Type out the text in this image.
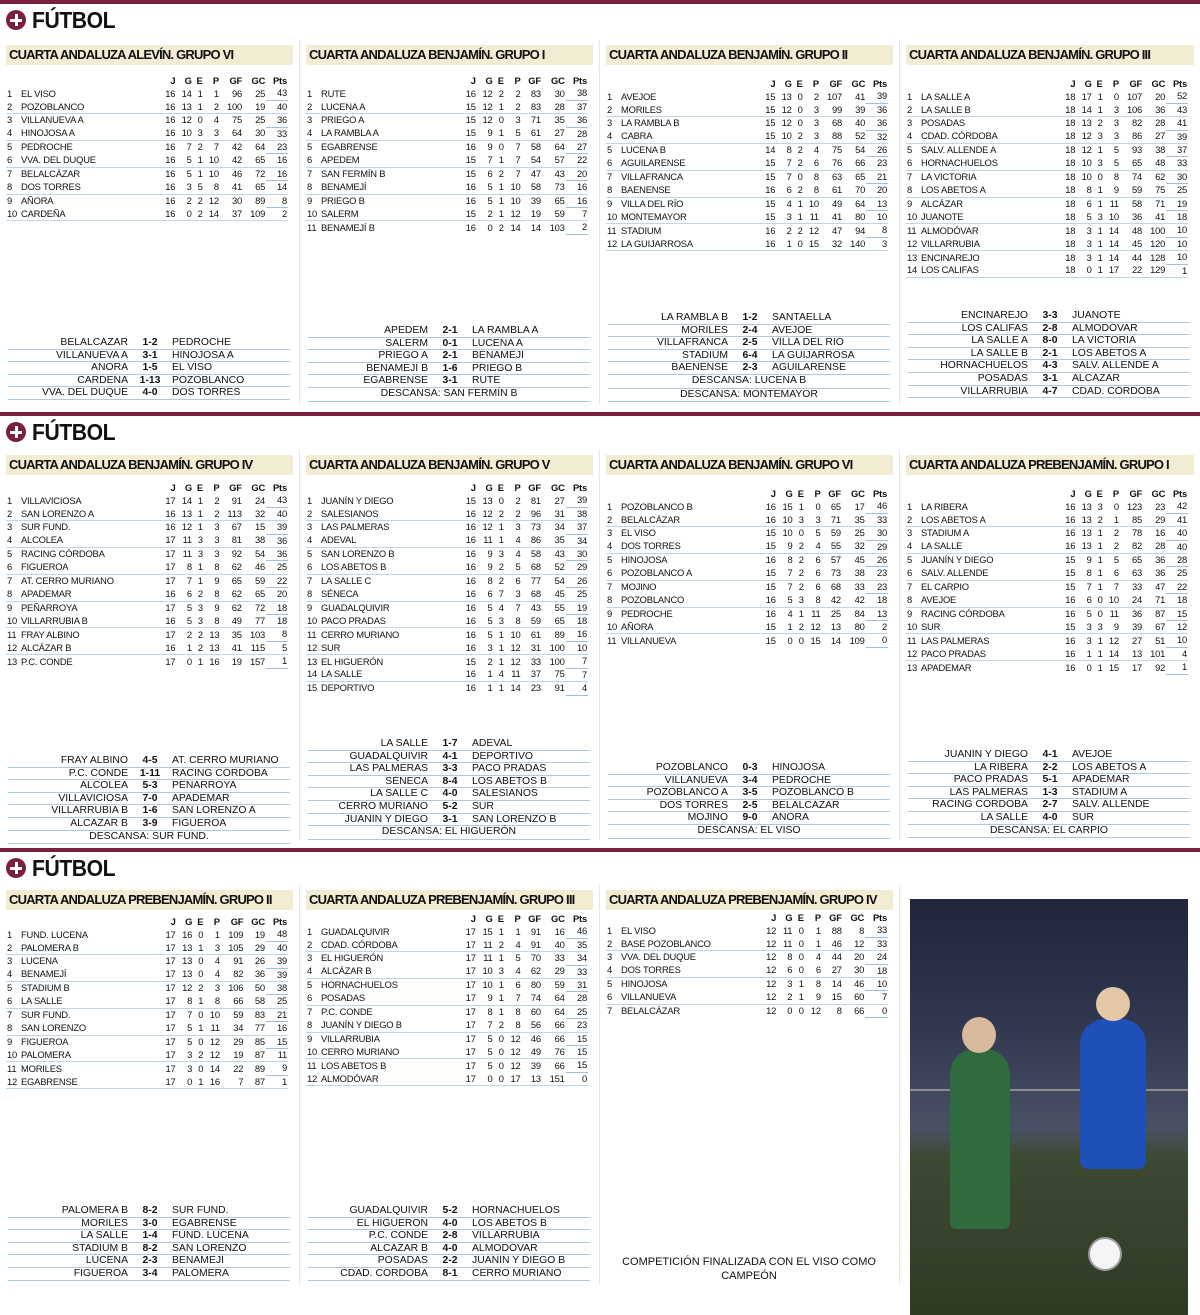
FÚTBOL
CUARTA ANDALUZA ALEVÍN. GRUPO VI
		J	G	E	P	GF	GC	Pts
1	EL VISO	16	14	1	1	96	25	43
2	POZOBLANCO	16	13	1	2	100	19	40
3	VILLANUEVA A	16	12	0	4	75	25	36
4	HINOJOSA A	16	10	3	3	64	30	33
5	PEDROCHE	16	7	2	7	42	64	23
6	VVA. DEL DUQUE	16	5	1	10	42	65	16
7	BELALCÁZAR	16	5	1	10	46	72	16
8	DOS TORRES	16	3	5	8	41	65	14
9	AÑORA	16	2	2	12	30	89	8
10	CARDEÑA	16	0	2	14	37	109	2
BELALCÁZAR	1-2	PEDROCHE
VILLANUEVA A	3-1	HINOJOSA A
AÑORA	1-5	EL VISO
CARDEÑA	1-13	POZOBLANCO
VVA. DEL DUQUE	4-0	DOS TORRES
CUARTA ANDALUZA BENJAMÍN. GRUPO I
		J	G	E	P	GF	GC	Pts
1	RUTE	16	12	2	2	83	30	38
2	LUCENA A	15	12	1	2	83	28	37
3	PRIEGO A	15	12	0	3	71	35	36
4	LA RAMBLA A	15	9	1	5	61	27	28
5	EGABRENSE	16	9	0	7	58	64	27
6	APEDEM	15	7	1	7	54	57	22
7	SAN FERMÍN B	15	6	2	7	47	43	20
8	BENAMEJÍ	16	5	1	10	58	73	16
9	PRIEGO B	16	5	1	10	39	65	16
10	SALERM	15	2	1	12	19	59	7
11	BENAMEJÍ B	16	0	2	14	14	103	2
APEDEM	2-1	LA RAMBLA A
SALERM	0-1	LUCENA A
PRIEGO A	2-1	BENAMEJÍ
BENAMEJÍ B	1-6	PRIEGO B
EGABRENSE	3-1	RUTE
DESCANSA: SAN FERMÍN B
CUARTA ANDALUZA BENJAMÍN. GRUPO II
		J	G	E	P	GF	GC	Pts
1	AVEJOE	15	13	0	2	107	41	39
2	MORILES	15	12	0	3	99	39	36
3	LA RAMBLA B	15	12	0	3	68	40	36
4	CABRA	15	10	2	3	88	52	32
5	LUCENA B	14	8	2	4	75	54	26
6	AGUILARENSE	15	7	2	6	76	66	23
7	VILLAFRANCA	15	7	0	8	63	65	21
8	BAENENSE	16	6	2	8	61	70	20
9	VILLA DEL RÍO	15	4	1	10	49	64	13
10	MONTEMAYOR	15	3	1	11	41	80	10
11	STADIUM	16	2	2	12	47	94	8
12	LA GUIJARROSA	16	1	0	15	32	140	3
LA RAMBLA B	1-2	SANTAELLA
MORILES	2-4	AVEJOE
VILLAFRANCA	2-5	VILLA DEL RÍO
STADIUM	6-4	LA GUIJARROSA
BAENENSE	2-3	AGUILARENSE
DESCANSA: LUCENA B
DESCANSA: MONTEMAYOR
CUARTA ANDALUZA BENJAMÍN. GRUPO III
		J	G	E	P	GF	GC	Pts
1	LA SALLE A	18	17	1	0	107	20	52
2	LA SALLE B	18	14	1	3	106	36	43
3	POSADAS	18	13	2	3	82	28	41
4	CDAD. CÓRDOBA	18	12	3	3	86	27	39
5	SALV. ALLENDE A	18	12	1	5	93	38	37
6	HORNACHUELOS	18	10	3	5	65	48	33
7	LA VICTORIA	18	10	0	8	74	62	30
8	LOS ABETOS A	18	8	1	9	59	75	25
9	ALCÁZAR	18	6	1	11	58	71	19
10	JUANOTE	18	5	3	10	36	41	18
11	ALMODÓVAR	18	3	1	14	48	100	10
12	VILLARRUBIA	18	3	1	14	45	120	10
13	ENCINAREJO	18	3	1	14	44	128	10
14	LOS CALIFAS	18	0	1	17	22	129	1
ENCINAREJO	3-3	JUANOTE
LOS CALIFAS	2-8	ALMODÓVAR
LA SALLE A	8-0	LA VICTORIA
LA SALLE B	2-1	LOS ABETOS A
HORNACHUELOS	4-3	SALV. ALLENDE A
POSADAS	3-1	ALCÁZAR
VILLARRUBIA	4-7	CDAD. CÓRDOBA
FÚTBOL
CUARTA ANDALUZA BENJAMÍN. GRUPO IV
		J	G	E	P	GF	GC	Pts
1	VILLAVICIOSA	17	14	1	2	91	24	43
2	SAN LORENZO A	16	13	1	2	113	32	40
3	SUR FUND.	16	12	1	3	67	15	39
4	ALCOLEA	17	11	3	3	81	38	36
5	RACING CÓRDOBA	17	11	3	3	92	54	36
6	FIGUEROA	17	8	1	8	62	46	25
7	AT. CERRO MURIANO	17	7	1	9	65	59	22
8	APADEMAR	16	6	2	8	62	65	20
9	PEÑARROYA	17	5	3	9	62	72	18
10	VILLARRUBIA B	16	5	3	8	49	77	18
11	FRAY ALBINO	17	2	2	13	35	103	8
12	ALCÁZAR B	16	1	2	13	41	115	5
13	P.C. CONDE	17	0	1	16	19	157	1
FRAY ALBINO	4-5	AT. CERRO MURIANO
P.C. CONDE	1-11	RACING CÓRDOBA
ALCOLEA	5-3	PEÑARROYA
VILLAVICIOSA	7-0	APADEMAR
VILLARRUBIA B	1-6	SAN LORENZO A
ALCÁZAR B	3-9	FIGUEROA
DESCANSA: SUR FUND.
CUARTA ANDALUZA BENJAMÍN. GRUPO V
		J	G	E	P	GF	GC	Pts
1	JUANÍN Y DIEGO	15	13	0	2	81	27	39
2	SALESIANOS	16	12	2	2	96	31	38
3	LAS PALMERAS	16	12	1	3	73	34	37
4	ADEVAL	16	11	1	4	86	35	34
5	SAN LORENZO B	16	9	3	4	58	43	30
6	LOS ABETOS B	16	9	2	5	68	52	29
7	LA SALLE C	16	8	2	6	77	54	26
8	SÉNECA	16	6	7	3	68	45	25
9	GUADALQUIVIR	16	5	4	7	43	55	19
10	PACO PRADAS	16	5	3	8	59	65	18
11	CERRO MURIANO	16	5	1	10	61	89	16
12	SUR	16	3	1	12	31	100	10
13	EL HIGUERÓN	15	2	1	12	33	100	7
14	LA SALLE	16	1	4	11	37	75	7
15	DEPORTIVO	16	1	1	14	23	91	4
LA SALLE	1-7	ADEVAL
GUADALQUIVIR	4-1	DEPORTIVO
LAS PALMERAS	3-3	PACO PRADAS
SÉNECA	8-4	LOS ABETOS B
LA SALLE C	4-0	SALESIANOS
CERRO MURIANO	5-2	SUR
JUANÍN Y DIEGO	3-1	SAN LORENZO B
DESCANSA: EL HIGUERÓN
CUARTA ANDALUZA BENJAMÍN. GRUPO VI
		J	G	E	P	GF	GC	Pts
1	POZOBLANCO B	16	15	1	0	65	17	46
2	BELALCÁZAR	16	10	3	3	71	35	33
3	EL VISO	15	10	0	5	59	25	30
4	DOS TORRES	15	9	2	4	55	32	29
5	HINOJOSA	16	8	2	6	57	45	26
6	POZOBLANCO A	15	7	2	6	73	38	23
7	MOJINO	15	7	2	6	68	33	23
8	POZOBLANCO	16	5	3	8	42	42	18
9	PEDROCHE	16	4	1	11	25	84	13
10	AÑORA	15	1	2	12	13	80	2
11	VILLANUEVA	15	0	0	15	14	109	0
POZOBLANCO	0-3	HINOJOSA
VILLANUEVA	3-4	PEDROCHE
POZOBLANCO A	3-5	POZOBLANCO B
DOS TORRES	2-5	BELALCÁZAR
MOJINO	9-0	AÑORA
DESCANSA: EL VISO
CUARTA ANDALUZA PREBENJAMÍN. GRUPO I
		J	G	E	P	GF	GC	Pts
1	LA RIBERA	16	13	3	0	123	23	42
2	LOS ABETOS A	16	13	2	1	85	29	41
3	STADIUM A	16	13	1	2	78	16	40
4	LA SALLE	16	13	1	2	82	28	40
5	JUANÍN Y DIEGO	15	9	1	5	65	36	28
6	SALV. ALLENDE	15	8	1	6	63	36	25
7	EL CARPIO	15	7	1	7	33	47	22
8	AVEJOE	16	6	0	10	24	71	18
9	RACING CÓRDOBA	16	5	0	11	36	87	15
10	SUR	15	3	3	9	39	67	12
11	LAS PALMERAS	16	3	1	12	27	51	10
12	PACO PRADAS	16	1	1	14	13	101	4
13	APADEMAR	16	0	1	15	17	92	1
JUANÍN Y DIEGO	4-1	AVEJOE
LA RIBERA	2-2	LOS ABETOS A
PACO PRADAS	5-1	APADEMAR
LAS PALMERAS	1-3	STADIUM A
RACING CÓRDOBA	2-7	SALV. ALLENDE
LA SALLE	4-0	SUR
DESCANSA: EL CARPIO
FÚTBOL
CUARTA ANDALUZA PREBENJAMÍN. GRUPO II
		J	G	E	P	GF	GC	Pts
1	FUND. LUCENA	17	16	0	1	109	19	48
2	PALOMERA B	17	13	1	3	105	29	40
3	LUCENA	17	13	0	4	91	26	39
4	BENAMEJÍ	17	13	0	4	82	36	39
5	STADIUM B	17	12	2	3	106	50	38
6	LA SALLE	17	8	1	8	66	58	25
7	SUR FUND.	17	7	0	10	59	83	21
8	SAN LORENZO	17	5	1	11	34	77	16
9	FIGUEROA	17	5	0	12	29	85	15
10	PALOMERA	17	3	2	12	19	87	11
11	MORILES	17	3	0	14	22	89	9
12	EGABRENSE	17	0	1	16	7	87	1
PALOMERA B	8-2	SUR FUND.
MORILES	3-0	EGABRENSE
LA SALLE	1-4	FUND. LUCENA
STADIUM B	8-2	SAN LORENZO
LUCENA	2-3	BENAMEJÍ
FIGUEROA	3-4	PALOMERA
CUARTA ANDALUZA PREBENJAMÍN. GRUPO III
		J	G	E	P	GF	GC	Pts
1	GUADALQUIVIR	17	15	1	1	91	16	46
2	CDAD. CÓRDOBA	17	11	2	4	91	40	35
3	EL HIGUERÓN	17	11	1	5	70	33	34
4	ALCÁZAR B	17	10	3	4	62	29	33
5	HORNACHUELOS	17	10	1	6	80	59	31
6	POSADAS	17	9	1	7	74	64	28
7	P.C. CONDE	17	8	1	8	60	64	25
8	JUANÍN Y DIEGO B	17	7	2	8	56	66	23
9	VILLARRUBIA	17	5	0	12	46	66	15
10	CERRO MURIANO	17	5	0	12	49	76	15
11	LOS ABETOS B	17	5	0	12	39	66	15
12	ALMODÓVAR	17	0	0	17	13	151	0
GUADALQUIVIR	5-2	HORNACHUELOS
EL HIGUERÓN	4-0	LOS ABETOS B
P.C. CONDE	2-8	VILLARRUBIA
ALCÁZAR B	4-0	ALMODÓVAR
POSADAS	2-2	JUANÍN Y DIEGO B
CDAD. CÓRDOBA	8-1	CERRO MURIANO
CUARTA ANDALUZA PREBENJAMÍN. GRUPO IV
		J	G	E	P	GF	GC	Pts
1	EL VISO	12	11	0	1	88	8	33
2	BASE POZOBLANCO	12	11	0	1	46	12	33
3	VVA. DEL DUQUE	12	8	0	4	44	20	24
4	DOS TORRES	12	6	0	6	27	30	18
5	HINOJOSA	12	3	1	8	14	46	10
6	VILLANUEVA	12	2	1	9	15	60	7
7	BELALCÁZAR	12	0	0	12	8	66	0
COMPETICIÓN FINALIZADA CON EL VISO COMO CAMPEÓN
